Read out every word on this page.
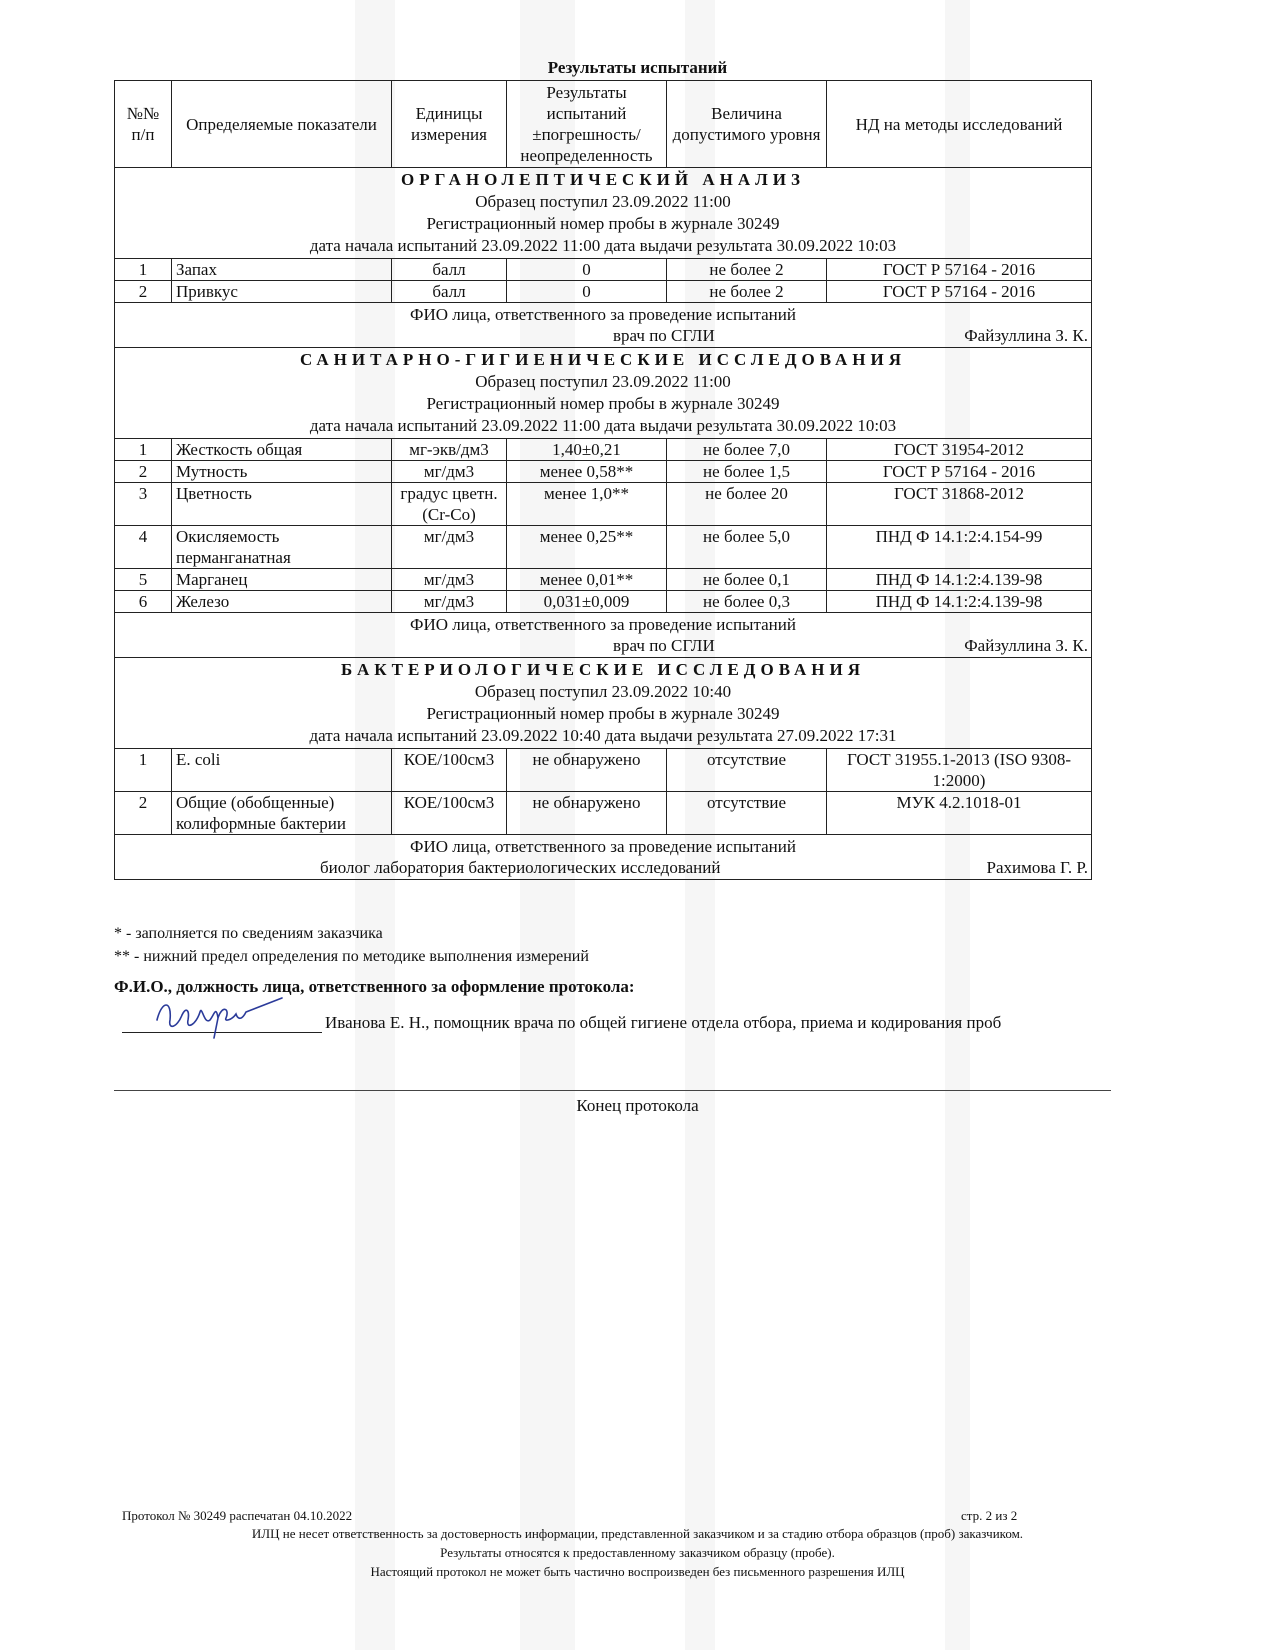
Результаты испытаний
№№ п/п	Определяемые показатели	Единицы измерения	Результаты испытаний ±погрешность/ неопределенность	Величина допустимого уровня	НД на методы исследований

ОРГАНОЛЕПТИЧЕСКИЙ АНАЛИЗ
Образец поступил 23.09.2022 11:00
Регистрационный номер пробы в журнале 30249
дата начала испытаний 23.09.2022 11:00 дата выдачи результата 30.09.2022 10:03					

1	Запах	балл	0	не более 2	ГОСТ Р 57164 - 2016
2	Привкус	балл	0	не более 2	ГОСТ Р 57164 - 2016

ФИО лица, ответственного за проведение испытаний
врач по СГЛИ Файзуллина З. К.					

САНИТАРНО-ГИГИЕНИЧЕСКИЕ ИССЛЕДОВАНИЯ
Образец поступил 23.09.2022 11:00
Регистрационный номер пробы в журнале 30249
дата начала испытаний 23.09.2022 11:00 дата выдачи результата 30.09.2022 10:03					

1	Жесткость общая	мг-экв/дм3	1,40±0,21	не более 7,0	ГОСТ 31954-2012
2	Мутность	мг/дм3	менее 0,58**	не более 1,5	ГОСТ Р 57164 - 2016
3	Цветность	градус цветн.(Cr-Co)	менее 1,0**	не более 20	ГОСТ 31868-2012
4	Окисляемость перманганатная	мг/дм3	менее 0,25**	не более 5,0	ПНД Ф 14.1:2:4.154-99
5	Марганец	мг/дм3	менее 0,01**	не более 0,1	ПНД Ф 14.1:2:4.139-98
6	Железо	мг/дм3	0,031±0,009	не более 0,3	ПНД Ф 14.1:2:4.139-98

ФИО лица, ответственного за проведение испытаний
врач по СГЛИ Файзуллина З. К.					

БАКТЕРИОЛОГИЧЕСКИЕ ИССЛЕДОВАНИЯ
Образец поступил 23.09.2022 10:40
Регистрационный номер пробы в журнале 30249
дата начала испытаний 23.09.2022 10:40 дата выдачи результата 27.09.2022 17:31					

1	E. coli	КОЕ/100см3	не обнаружено	отсутствие	ГОСТ 31955.1-2013 (ISO 9308-1:2000)
2	Общие (обобщенные) колиформные бактерии	КОЕ/100см3	не обнаружено	отсутствие	МУК 4.2.1018-01

ФИО лица, ответственного за проведение испытаний
биолог лаборатория бактериологических исследований Рахимова Г. Р.					
* - заполняется по сведениям заказчика
** - нижний предел определения по методике выполнения измерений
Ф.И.О., должность лица, ответственного за оформление протокола:
Иванова Е. Н., помощник врача по общей гигиене отдела отбора, приема и кодирования проб
Конец протокола
Протокол № 30249 распечатан 04.10.2022	стр. 2 из 2
ИЛЦ не несет ответственность за достоверность информации, представленной заказчиком и за стадию отбора образцов (проб) заказчиком.
Результаты относятся к предоставленному заказчиком образцу (пробе).
Настоящий протокол не может быть частично воспроизведен без письменного разрешения ИЛЦ
